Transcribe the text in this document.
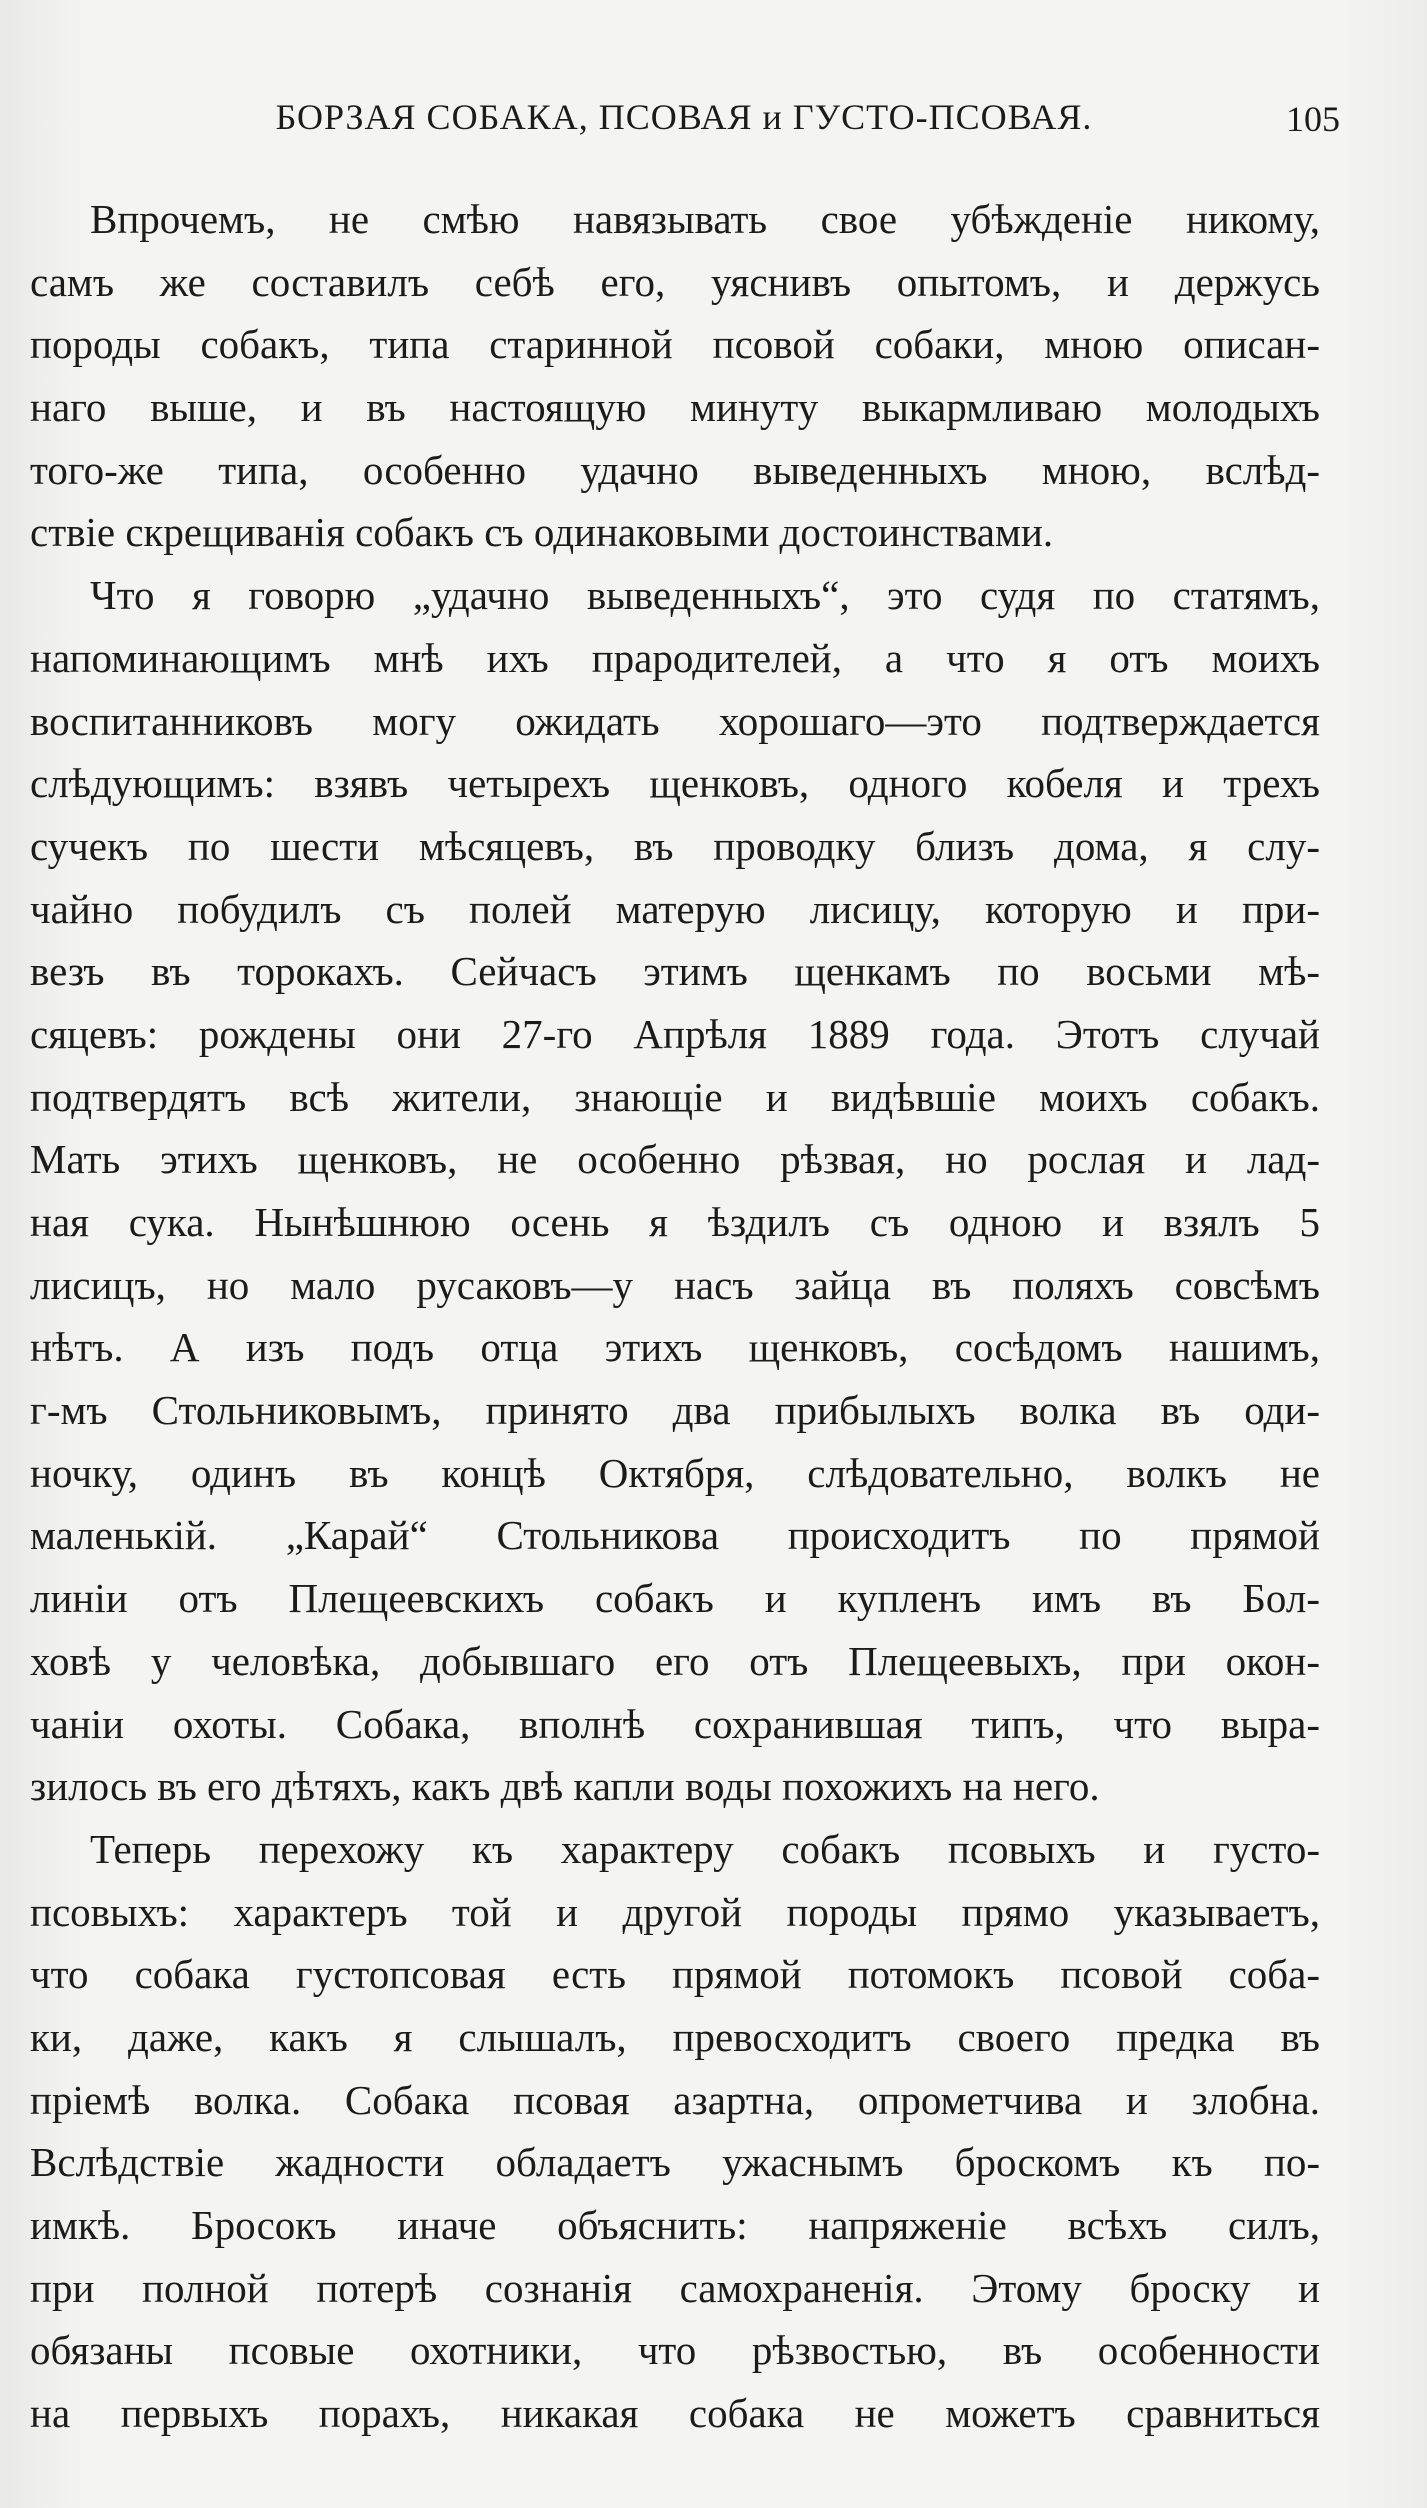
БОРЗАЯ СОБАКА, ПСОВАЯ и ГУСТО-ПСОВАЯ.	105
Впрочемъ, не смѣю навязывать свое убѣжденіе никому,
самъ же составилъ себѣ его, уяснивъ опытомъ, и держусь
породы собакъ, типа старинной псовой собаки, мною описан-
наго выше, и въ настоящую минуту выкармливаю молодыхъ
того-же типа, особенно удачно выведенныхъ мною, вслѣд-
ствіе скрещиванія собакъ съ одинаковыми достоинствами.
Что я говорю „удачно выведенныхъ“, это судя по статямъ,
напоминающимъ мнѣ ихъ прародителей, а что я отъ моихъ
воспитанниковъ могу ожидать хорошаго—это подтверждается
слѣдующимъ: взявъ четырехъ щенковъ, одного кобеля и трехъ
сучекъ по шести мѣсяцевъ, въ проводку близъ дома, я слу-
чайно побудилъ съ полей матерую лисицу, которую и при-
везъ въ торокахъ. Сейчасъ этимъ щенкамъ по восьми мѣ-
сяцевъ: рождены они 27-го Апрѣля 1889 года. Этотъ случай
подтвердятъ всѣ жители, знающіе и видѣвшіе моихъ собакъ.
Мать этихъ щенковъ, не особенно рѣзвая, но рослая и лад-
ная сука. Нынѣшнюю осень я ѣздилъ съ одною и взялъ 5
лисицъ, но мало русаковъ—у насъ зайца въ поляхъ совсѣмъ
нѣтъ. А изъ подъ отца этихъ щенковъ, сосѣдомъ нашимъ,
г-мъ Стольниковымъ, принято два прибылыхъ волка въ оди-
ночку, одинъ въ концѣ Октября, слѣдовательно, волкъ не
маленькій. „Карай“ Стольникова происходитъ по прямой
линіи отъ Плещеевскихъ собакъ и купленъ имъ въ Бол-
ховѣ у человѣка, добывшаго его отъ Плещеевыхъ, при окон-
чаніи охоты. Собака, вполнѣ сохранившая типъ, что выра-
зилось въ его дѣтяхъ, какъ двѣ капли воды похожихъ на него.
Теперь перехожу къ характеру собакъ псовыхъ и густо-
псовыхъ: характеръ той и другой породы прямо указываетъ,
что собака густопсовая есть прямой потомокъ псовой соба-
ки, даже, какъ я слышалъ, превосходитъ своего предка въ
пріемѣ волка. Собака псовая азартна, опрометчива и злобна.
Вслѣдствіе жадности обладаетъ ужаснымъ броскомъ къ по-
имкѣ. Бросокъ иначе объяснить: напряженіе всѣхъ силъ,
при полной потерѣ сознанія самохраненія. Этому броску и
обязаны псовые охотники, что рѣзвостью, въ особенности
на первыхъ порахъ, никакая собака не можетъ сравниться
